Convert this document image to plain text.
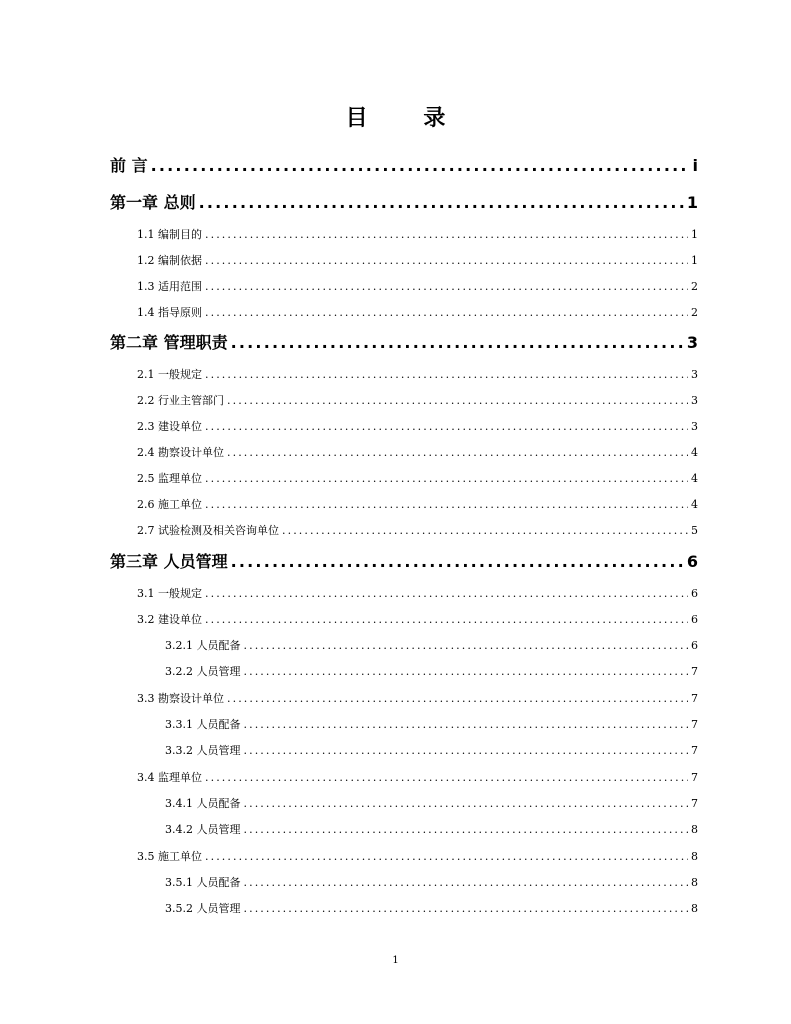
目 录
前 言 .....	i
第一章 总则 .....	1
1.1 编制目的 .....	1
1.2 编制依据 .....	1
1.3 适用范围 .....	2
1.4 指导原则 .....	2
第二章 管理职责 .....	3
2.1 一般规定 .....	3
2.2 行业主管部门 .....	3
2.3 建设单位 .....	3
2.4 勘察设计单位 .....	4
2.5 监理单位 .....	4
2.6 施工单位 .....	4
2.7 试验检测及相关咨询单位 .....	5
第三章 人员管理 .....	6
3.1 一般规定 .....	6
3.2 建设单位 .....	6
3.2.1 人员配备 .....	6
3.2.2 人员管理 .....	7
3.3 勘察设计单位 .....	7
3.3.1 人员配备 .....	7
3.3.2 人员管理 .....	7
3.4 监理单位 .....	7
3.4.1 人员配备 .....	7
3.4.2 人员管理 .....	8
3.5 施工单位 .....	8
3.5.1 人员配备 .....	8
3.5.2 人员管理 .....	8
1
